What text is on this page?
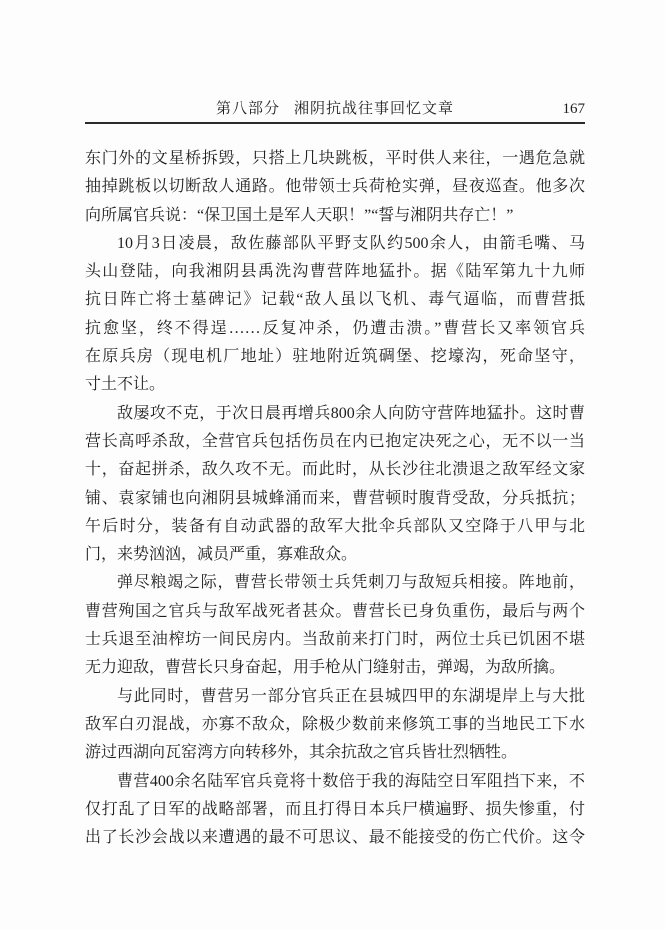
第八部分 湘阴抗战往事回忆文章	167
东门外的文星桥拆毁，只搭上几块跳板，平时供人来往，一遇危急就
抽掉跳板以切断敌人通路。他带领士兵荷枪实弹，昼夜巡查。他多次
向所属官兵说：“保卫国土是军人天职！”“誓与湘阴共存亡！”
10月3日凌晨，敌佐藤部队平野支队约500余人，由箭毛嘴、马
头山登陆，向我湘阴县禹洗沟曹营阵地猛扑。据《陆军第九十九师
抗日阵亡将士墓碑记》记载“敌人虽以飞机、毒气逼临，而曹营抵
抗愈坚，终不得逞……反复冲杀，仍遭击溃。”曹营长又率领官兵
在原兵房（现电机厂地址）驻地附近筑碉堡、挖壕沟，死命坚守，
寸土不让。
敌屡攻不克，于次日晨再增兵800余人向防守营阵地猛扑。这时曹
营长高呼杀敌，全营官兵包括伤员在内已抱定决死之心，无不以一当
十，奋起拼杀，敌久攻不无。而此时，从长沙往北溃退之敌军经文家
铺、袁家铺也向湘阴县城蜂涌而来，曹营顿时腹背受敌，分兵抵抗；
午后时分，装备有自动武器的敌军大批伞兵部队又空降于八甲与北
门，来势汹汹，减员严重，寡难敌众。
弹尽粮竭之际，曹营长带领士兵凭刺刀与敌短兵相接。阵地前，
曹营殉国之官兵与敌军战死者甚众。曹营长已身负重伤，最后与两个
士兵退至油榨坊一间民房内。当敌前来打门时，两位士兵已饥困不堪
无力迎敌，曹营长只身奋起，用手枪从门缝射击，弹竭，为敌所擒。
与此同时，曹营另一部分官兵正在县城四甲的东湖堤岸上与大批
敌军白刃混战，亦寡不敌众，除极少数前来修筑工事的当地民工下水
游过西湖向瓦窑湾方向转移外，其余抗敌之官兵皆壮烈牺牲。
曹营400余名陆军官兵竟将十数倍于我的海陆空日军阻挡下来，不
仅打乱了日军的战略部署，而且打得日本兵尸横遍野、损失惨重，付
出了长沙会战以来遭遇的最不可思议、最不能接受的伤亡代价。这令
